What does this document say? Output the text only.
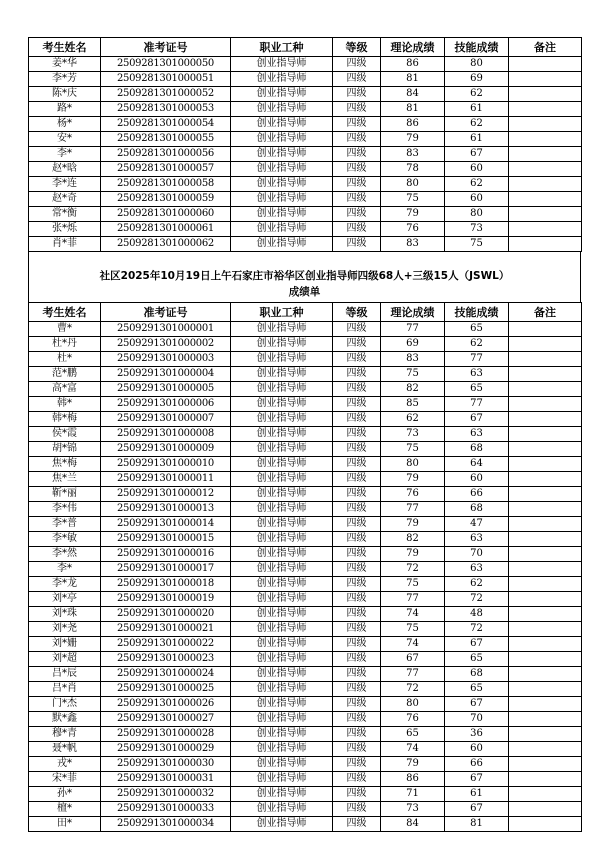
考生姓名	准考证号	职业工种	等级	理论成绩	技能成绩	备注
姜*华	2509281301000050	创业指导师	四级	86	80	
李*芳	2509281301000051	创业指导师	四级	81	69	
陈*庆	2509281301000052	创业指导师	四级	84	62	
路*	2509281301000053	创业指导师	四级	81	61	
杨*	2509281301000054	创业指导师	四级	86	62	
安*	2509281301000055	创业指导师	四级	79	61	
李*	2509281301000056	创业指导师	四级	83	67	
赵*晗	2509281301000057	创业指导师	四级	78	60	
李*连	2509281301000058	创业指导师	四级	80	62	
赵*奇	2509281301000059	创业指导师	四级	75	60	
常*衡	2509281301000060	创业指导师	四级	79	80	
张*烁	2509281301000061	创业指导师	四级	76	73	
肖*菲	2509281301000062	创业指导师	四级	83	75	
社区2025年10月19日上午石家庄市裕华区创业指导师四级68人+三级15人（JSWL）
成绩单
考生姓名	准考证号	职业工种	等级	理论成绩	技能成绩	备注
曹*	2509291301000001	创业指导师	四级	77	65	
杜*丹	2509291301000002	创业指导师	四级	69	62	
杜*	2509291301000003	创业指导师	四级	83	77	
范*鹏	2509291301000004	创业指导师	四级	75	63	
高*富	2509291301000005	创业指导师	四级	82	65	
韩*	2509291301000006	创业指导师	四级	85	77	
韩*梅	2509291301000007	创业指导师	四级	62	67	
侯*霞	2509291301000008	创业指导师	四级	73	63	
胡*锦	2509291301000009	创业指导师	四级	75	68	
焦*梅	2509291301000010	创业指导师	四级	80	64	
焦*兰	2509291301000011	创业指导师	四级	79	60	
靳*丽	2509291301000012	创业指导师	四级	76	66	
李*伟	2509291301000013	创业指导师	四级	77	68	
李*普	2509291301000014	创业指导师	四级	79	47	
李*敏	2509291301000015	创业指导师	四级	82	63	
李*然	2509291301000016	创业指导师	四级	79	70	
李*	2509291301000017	创业指导师	四级	72	63	
李*龙	2509291301000018	创业指导师	四级	75	62	
刘*亭	2509291301000019	创业指导师	四级	77	72	
刘*珠	2509291301000020	创业指导师	四级	74	48	
刘*尧	2509291301000021	创业指导师	四级	75	72	
刘*姗	2509291301000022	创业指导师	四级	74	67	
刘*超	2509291301000023	创业指导师	四级	67	65	
吕*辰	2509291301000024	创业指导师	四级	77	68	
吕*肖	2509291301000025	创业指导师	四级	72	65	
门*杰	2509291301000026	创业指导师	四级	80	67	
默*鑫	2509291301000027	创业指导师	四级	76	70	
穆*青	2509291301000028	创业指导师	四级	65	36	
聂*帆	2509291301000029	创业指导师	四级	74	60	
戎*	2509291301000030	创业指导师	四级	79	66	
宋*菲	2509291301000031	创业指导师	四级	86	67	
孙*	2509291301000032	创业指导师	四级	71	61	
檀*	2509291301000033	创业指导师	四级	73	67	
田*	2509291301000034	创业指导师	四级	84	81	
